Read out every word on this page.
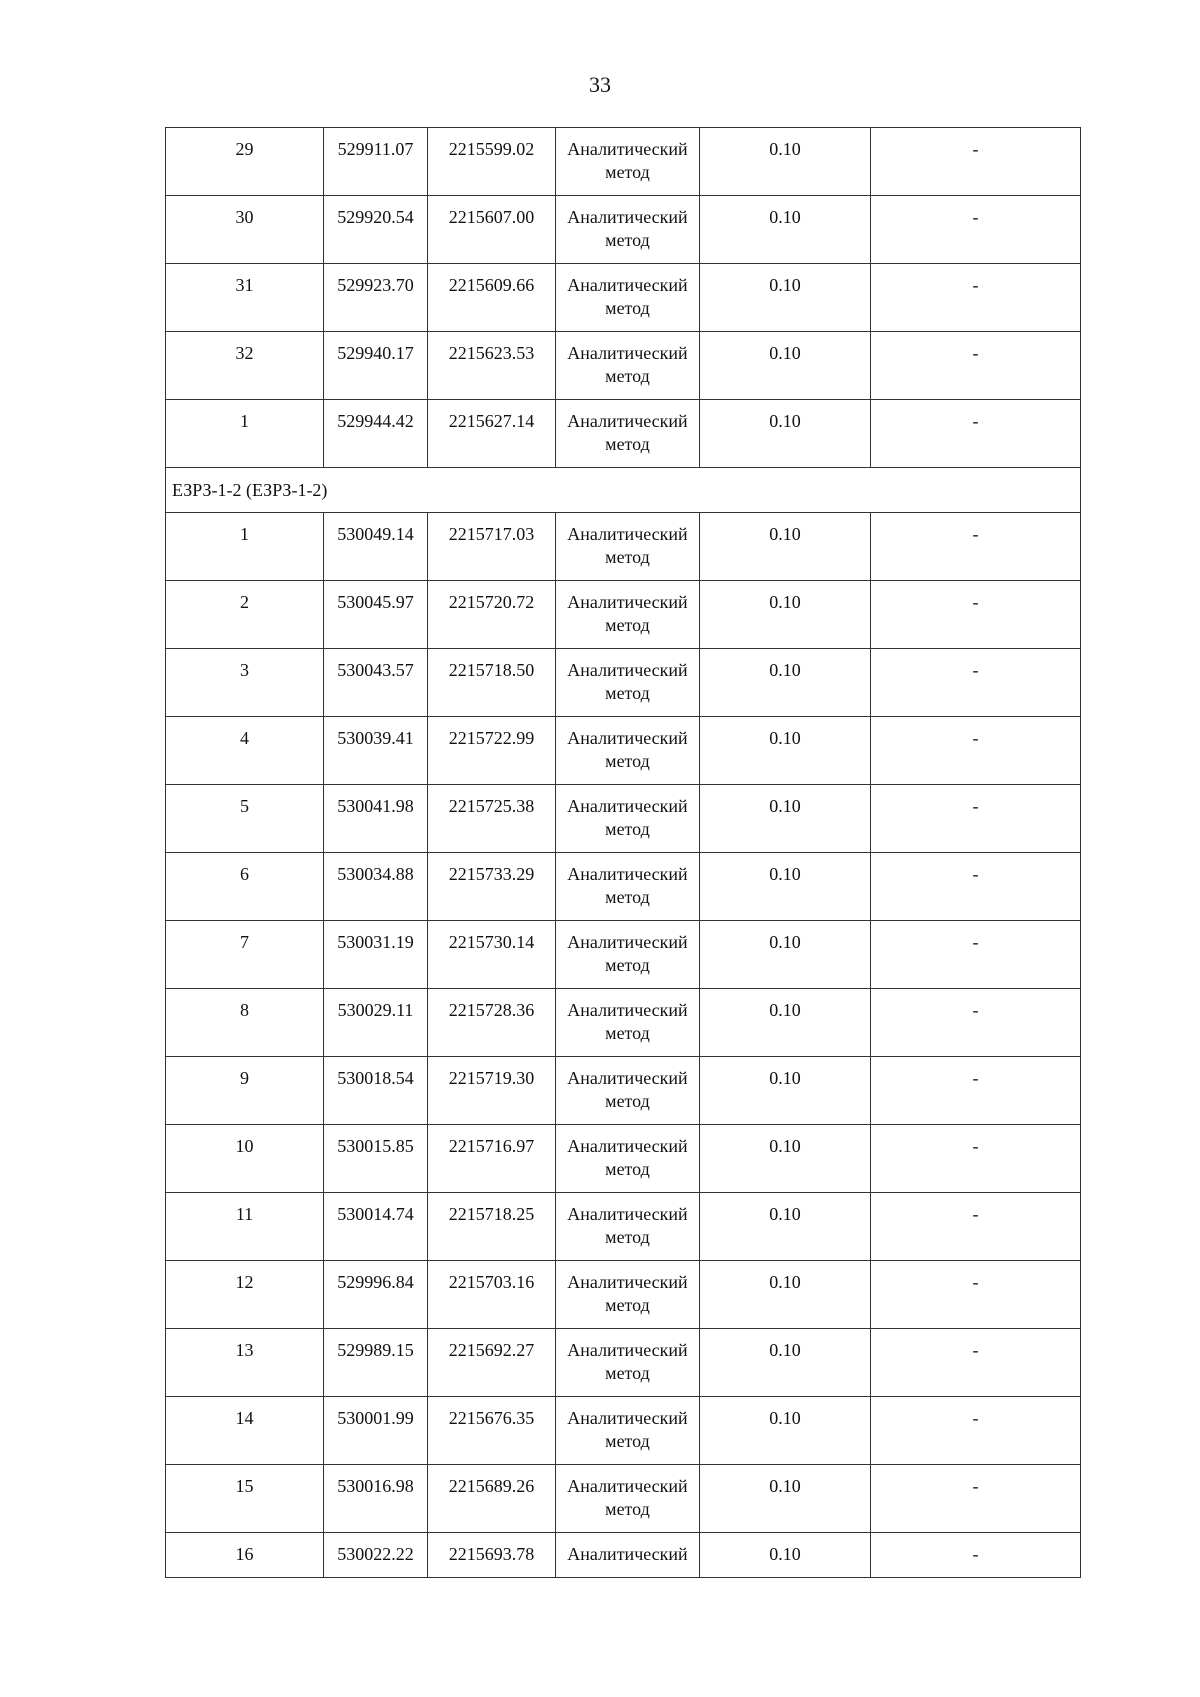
33
29	529911.07	2215599.02	Аналитический метод	0.10	-
30	529920.54	2215607.00	Аналитический метод	0.10	-
31	529923.70	2215609.66	Аналитический метод	0.10	-
32	529940.17	2215623.53	Аналитический метод	0.10	-
1	529944.42	2215627.14	Аналитический метод	0.10	-
ЕЗРЗ-1-2 (ЕЗРЗ-1-2)					
1	530049.14	2215717.03	Аналитический метод	0.10	-
2	530045.97	2215720.72	Аналитический метод	0.10	-
3	530043.57	2215718.50	Аналитический метод	0.10	-
4	530039.41	2215722.99	Аналитический метод	0.10	-
5	530041.98	2215725.38	Аналитический метод	0.10	-
6	530034.88	2215733.29	Аналитический метод	0.10	-
7	530031.19	2215730.14	Аналитический метод	0.10	-
8	530029.11	2215728.36	Аналитический метод	0.10	-
9	530018.54	2215719.30	Аналитический метод	0.10	-
10	530015.85	2215716.97	Аналитический метод	0.10	-
11	530014.74	2215718.25	Аналитический метод	0.10	-
12	529996.84	2215703.16	Аналитический метод	0.10	-
13	529989.15	2215692.27	Аналитический метод	0.10	-
14	530001.99	2215676.35	Аналитический метод	0.10	-
15	530016.98	2215689.26	Аналитический метод	0.10	-
16	530022.22	2215693.78	Аналитический	0.10	-
